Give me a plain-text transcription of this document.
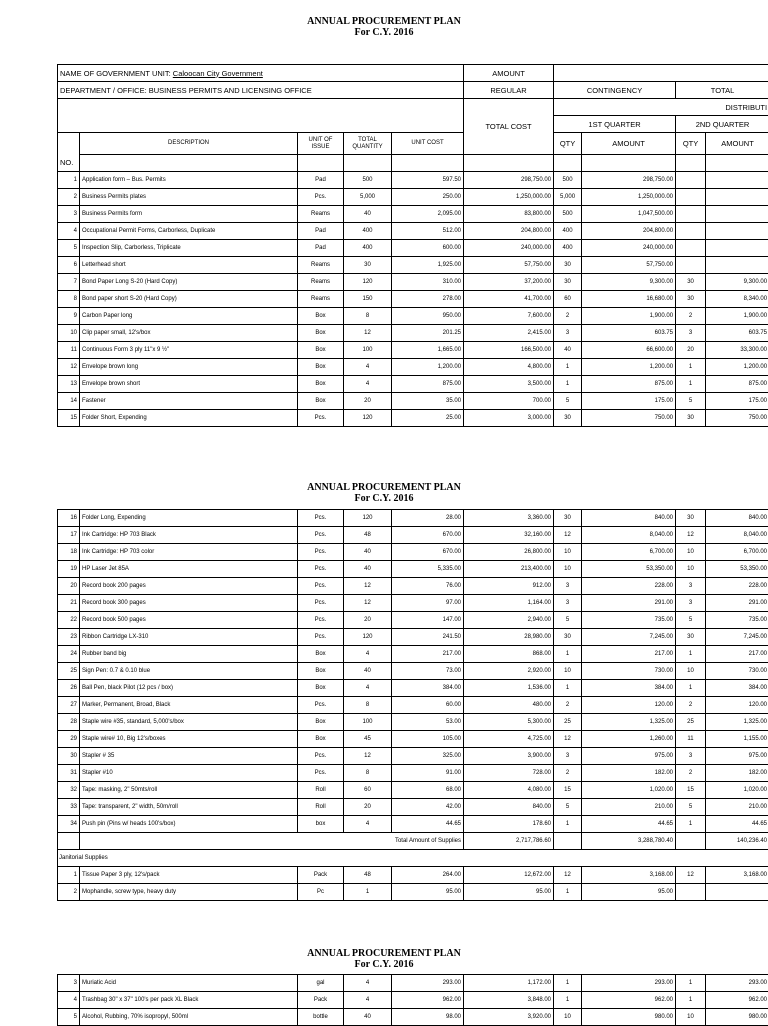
ANNUAL PROCUREMENT PLAN
For C.Y. 2016
NAME OF GOVERNMENT UNIT: Caloocan City Government					AMOUNT				
DEPARTMENT / OFFICE: BUSINESS PERMITS AND LICENSING OFFICE					REGULAR	CONTINGENCY		TOTAL	
					TOTAL COST	DISTRIBUTI			
						1ST QUARTER		2ND QUARTER	
	DESCRIPTION	UNIT OF ISSUE	TOTAL QUANTITY	UNIT COST		QTY	AMOUNT	QTY	AMOUNT
NO.									
1	Application form – Bus. Permits	Pad	500	597.50	298,750.00	500	298,750.00		
2	Business Permits plates	Pcs.	5,000	250.00	1,250,000.00	5,000	1,250,000.00		
3	Business Permits form	Reams	40	2,095.00	83,800.00	500	1,047,500.00		
4	Occupational Permit Forms, Carborless, Duplicate	Pad	400	512.00	204,800.00	400	204,800.00		
5	Inspection Slip, Carborless, Triplicate	Pad	400	600.00	240,000.00	400	240,000.00		
6	Letterhead short	Reams	30	1,925.00	57,750.00	30	57,750.00		
7	Bond Paper Long S-20 (Hard Copy)	Reams	120	310.00	37,200.00	30	9,300.00	30	9,300.00
8	Bond paper short S-20 (Hard Copy)	Reams	150	278.00	41,700.00	60	16,680.00	30	8,340.00
9	Carbon Paper long	Box	8	950.00	7,600.00	2	1,900.00	2	1,900.00
10	Clip paper small, 12's/box	Box	12	201.25	2,415.00	3	603.75	3	603.75
11	Continuous Form 3 ply 11"x 9 ½"	Box	100	1,665.00	166,500.00	40	66,600.00	20	33,300.00
12	Envelope brown long	Box	4	1,200.00	4,800.00	1	1,200.00	1	1,200.00
13	Envelope brown short	Box	4	875.00	3,500.00	1	875.00	1	875.00
14	Fastener	Box	20	35.00	700.00	5	175.00	5	175.00
15	Folder Short, Expending	Pcs.	120	25.00	3,000.00	30	750.00	30	750.00
ANNUAL PROCUREMENT PLAN
For C.Y. 2016
16	Folder Long, Expending	Pcs.	120	28.00	3,360.00	30	840.00	30	840.00
17	Ink Cartridge: HP 703 Black	Pcs.	48	670.00	32,160.00	12	8,040.00	12	8,040.00
18	Ink Cartridge: HP 703 color	Pcs.	40	670.00	26,800.00	10	6,700.00	10	6,700.00
19	HP Laser Jet 85A	Pcs.	40	5,335.00	213,400.00	10	53,350.00	10	53,350.00
20	Record book 200 pages	Pcs.	12	76.00	912.00	3	228.00	3	228.00
21	Record book 300 pages	Pcs.	12	97.00	1,164.00	3	291.00	3	291.00
22	Record book 500 pages	Pcs.	20	147.00	2,940.00	5	735.00	5	735.00
23	Ribbon Cartridge LX-310	Pcs.	120	241.50	28,980.00	30	7,245.00	30	7,245.00
24	Rubber band big	Box	4	217.00	868.00	1	217.00	1	217.00
25	Sign Pen: 0.7 & 0.10 blue	Box	40	73.00	2,920.00	10	730.00	10	730.00
26	Ball Pen, black Pilot (12 pcs / box)	Box	4	384.00	1,536.00	1	384.00	1	384.00
27	Marker, Permanent, Broad, Black	Pcs.	8	60.00	480.00	2	120.00	2	120.00
28	Staple wire #35, standard, 5,000's/box	Box	100	53.00	5,300.00	25	1,325.00	25	1,325.00
29	Staple wire# 10, Big 12's/boxes	Box	45	105.00	4,725.00	12	1,260.00	11	1,155.00
30	Stapler # 35	Pcs.	12	325.00	3,900.00	3	975.00	3	975.00
31	Stapler #10	Pcs.	8	91.00	728.00	2	182.00	2	182.00
32	Tape: masking, 2" 50mts/roll	Roll	60	68.00	4,080.00	15	1,020.00	15	1,020.00
33	Tape: transparent, 2" width, 50m/roll	Roll	20	42.00	840.00	5	210.00	5	210.00
34	Push pin (Pins w/ heads 100's/box)	box	4	44.65	178.60	1	44.65	1	44.65
	Total Amount of Supplies				2,717,786.60		3,288,780.40		140,236.40
Janitorial Supplies									
1	Tissue Paper 3 ply, 12's/pack	Pack	48	264.00	12,672.00	12	3,168.00	12	3,168.00
2	Mophandle, screw type, heavy duty	Pc	1	95.00	95.00	1	95.00		
ANNUAL PROCUREMENT PLAN
For C.Y. 2016
3	Muriatic Acid	gal	4	293.00	1,172.00	1	293.00	1	293.00
4	Trashbag 30" x 37" 100's per pack XL Black	Pack	4	962.00	3,848.00	1	962.00	1	962.00
5	Alcohol, Rubbing, 70% isopropyl, 500ml	bottle	40	98.00	3,920.00	10	980.00	10	980.00
